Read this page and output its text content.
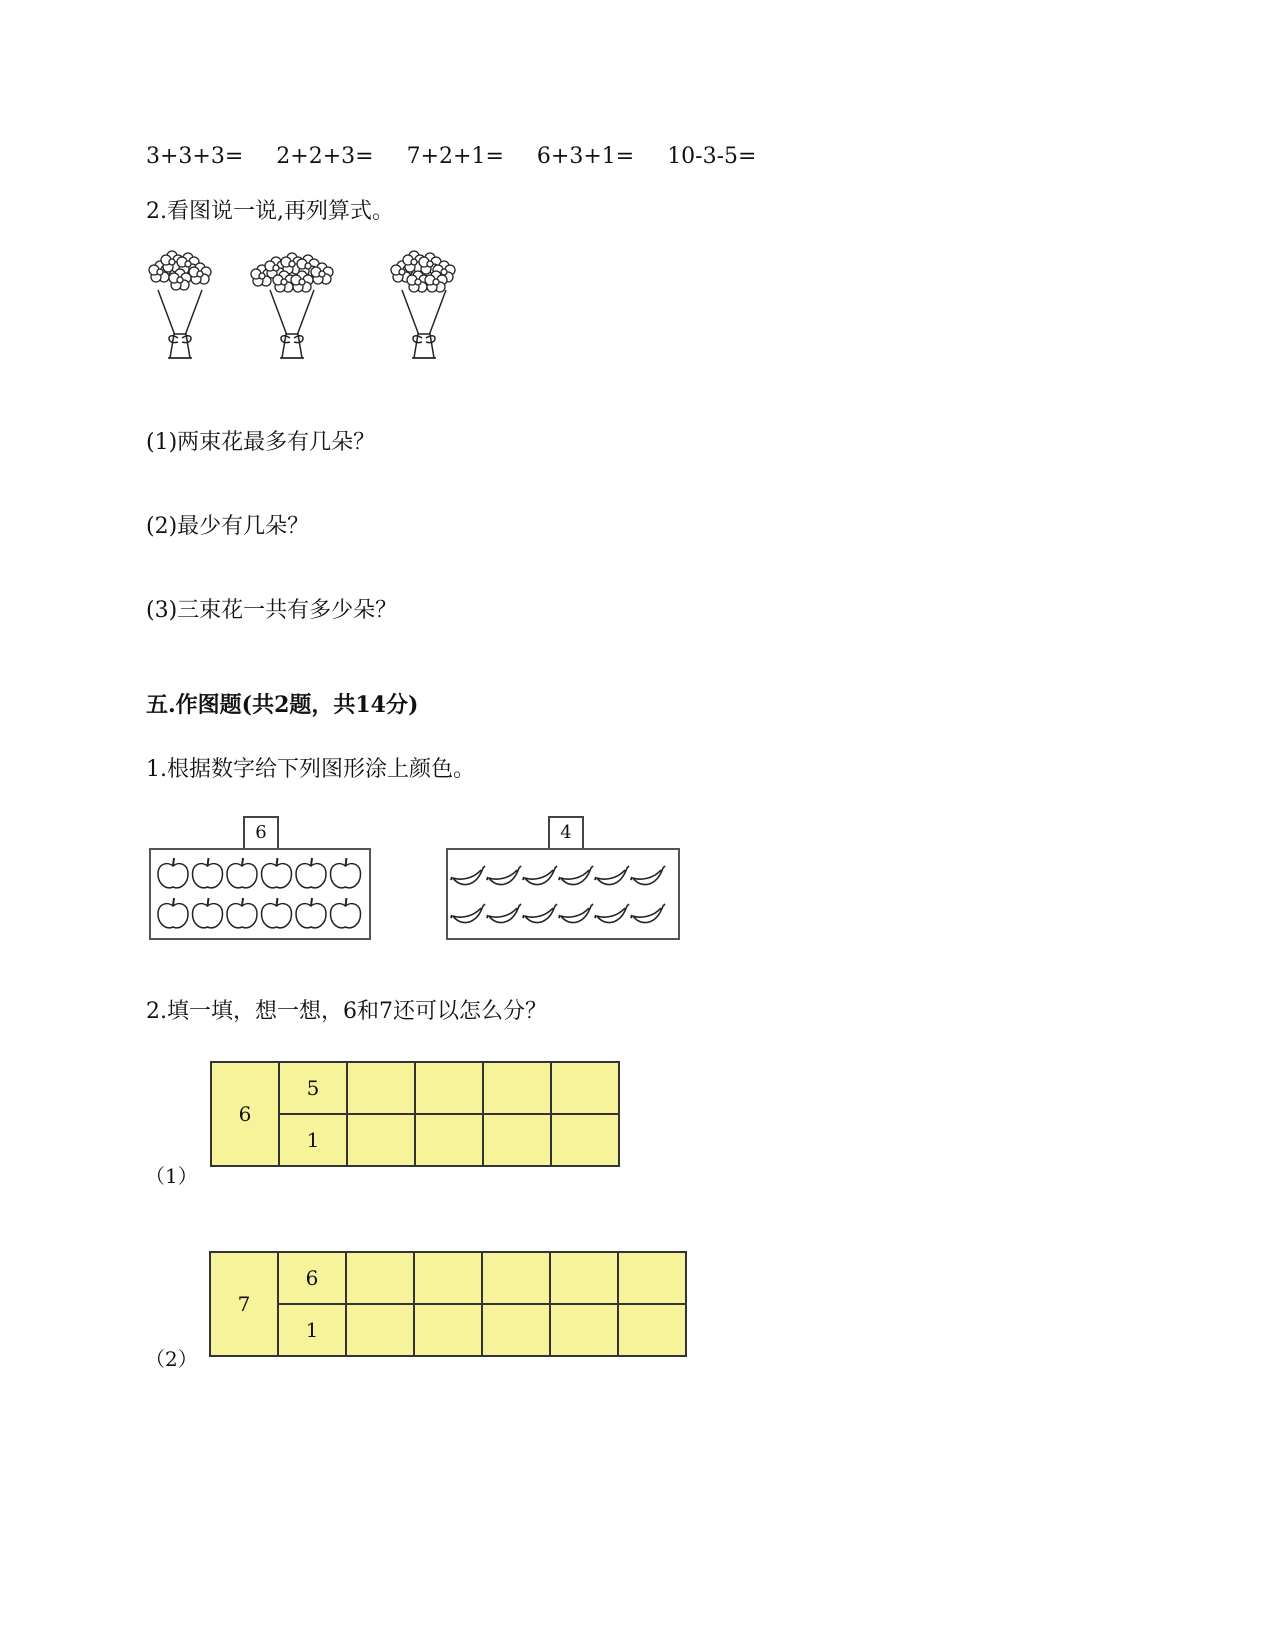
3+3+3= 2+2+3= 7+2+1= 6+3+1= 10-3-5=
2.看图说一说,再列算式。
(1)两束花最多有几朵？
(2)最少有几朵？
(3)三束花一共有多少朵？
五.作图题(共2题，共14分)
1.根据数字给下列图形涂上颜色。
6	4
2.填一填，想一想，6和7还可以怎么分？
6	5				
	1				
（1）
7	6					
	1					
（2）
